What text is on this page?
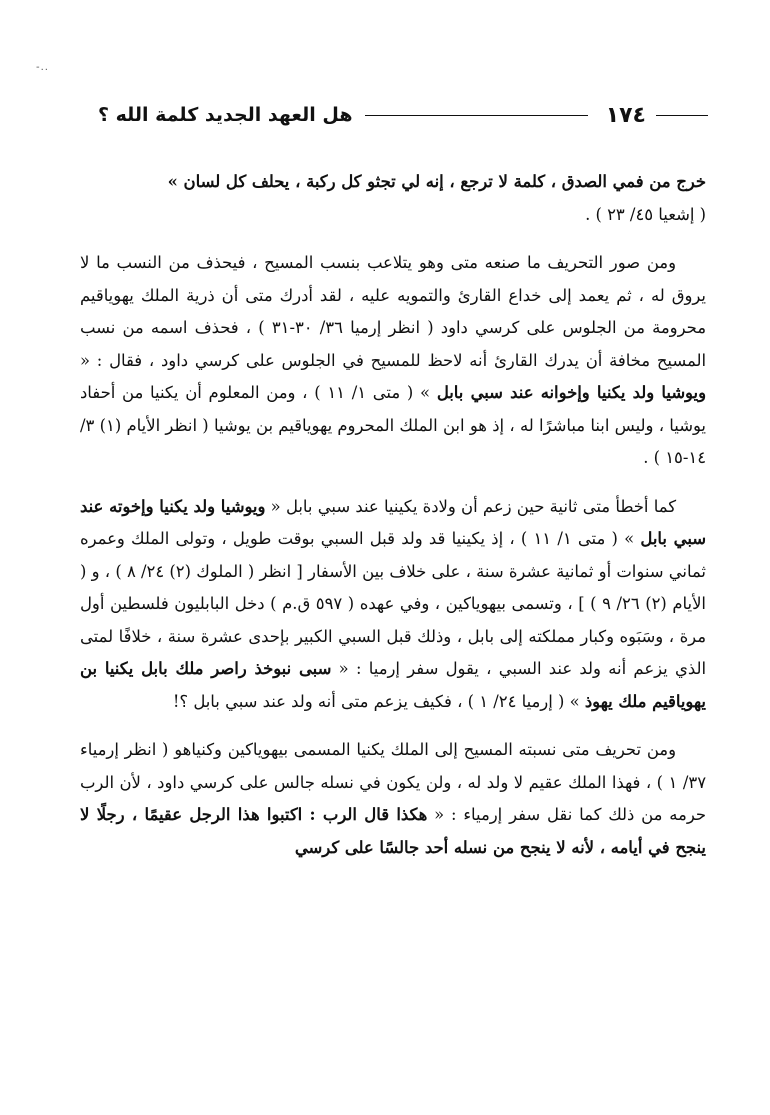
-..
١٧٤
هل العهد الجديد كلمة الله ؟

خرج من فمي الصدق ، كلمة لا ترجع ، إنه لي تجثو كل ركبة ، يحلف كل لسان »
( إشعيا ٤٥/ ٢٣ ) .

ومن صور التحريف ما صنعه متى وهو يتلاعب بنسب المسيح ، فيحذف من النسب ما لا يروق له ، ثم يعمد إلى خداع القارئ والتمويه عليه ، لقد أدرك متى أن ذرية الملك يهوياقيم محرومة من الجلوس على كرسي داود ( انظر إرميا ٣٦/ ٣٠-٣١ ) ، فحذف اسمه من نسب المسيح مخافة أن يدرك القارئ أنه لاحظ للمسيح في الجلوس على كرسي داود ، فقال : « ويوشيا ولد يكنيا وإخوانه عند سبي بابل » ( متى ١/ ١١ ) ، ومن المعلوم أن يكنيا من أحفاد يوشيا ، وليس ابنا مباشرًا له ، إذ هو ابن الملك المحروم يهوياقيم بن يوشيا ( انظر الأيام (١) ٣/ ١٤-١٥ ) .

كما أخطأ متى ثانية حين زعم أن ولادة يكينيا عند سبي بابل « ويوشيا ولد يكنيا وإخوته عند سبي بابل » ( متى ١/ ١١ ) ، إذ يكينيا قد ولد قبل السبي بوقت طويل ، وتولى الملك وعمره ثماني سنوات أو ثمانية عشرة سنة ، على خلاف بين الأسفار [ انظر ( الملوك (٢) ٢٤/ ٨ ) ، و ( الأيام (٢) ٢٦/ ٩ ) ] ، وتسمى بيهوياكين ، وفي عهده ( ٥٩٧ ق.م ) دخل البابليون فلسطين أول مرة ، وسَبَوه وكبار مملكته إلى بابل ، وذلك قبل السبي الكبير بإحدى عشرة سنة ، خلافًا لمتى الذي يزعم أنه ولد عند السبي ، يقول سفر إرميا : « سبى نبوخذ راصر ملك بابل يكنيا بن يهوياقيم ملك يهوذ » ( إرميا ٢٤/ ١ ) ، فكيف يزعم متى أنه ولد عند سبي بابل ؟!

ومن تحريف متى نسبته المسيح إلى الملك يكنيا المسمى بيهوياكين وكنياهو ( انظر إرمياء ٣٧/ ١ ) ، فهذا الملك عقيم لا ولد له ، ولن يكون في نسله جالس على كرسي داود ، لأن الرب حرمه من ذلك كما نقل سفر إرمياء : « هكذا قال الرب : اكتبوا هذا الرجل عقيمًا ، رجلًا لا ينجح في أيامه ، لأنه لا ينجح من نسله أحد جالسًا على كرسي
